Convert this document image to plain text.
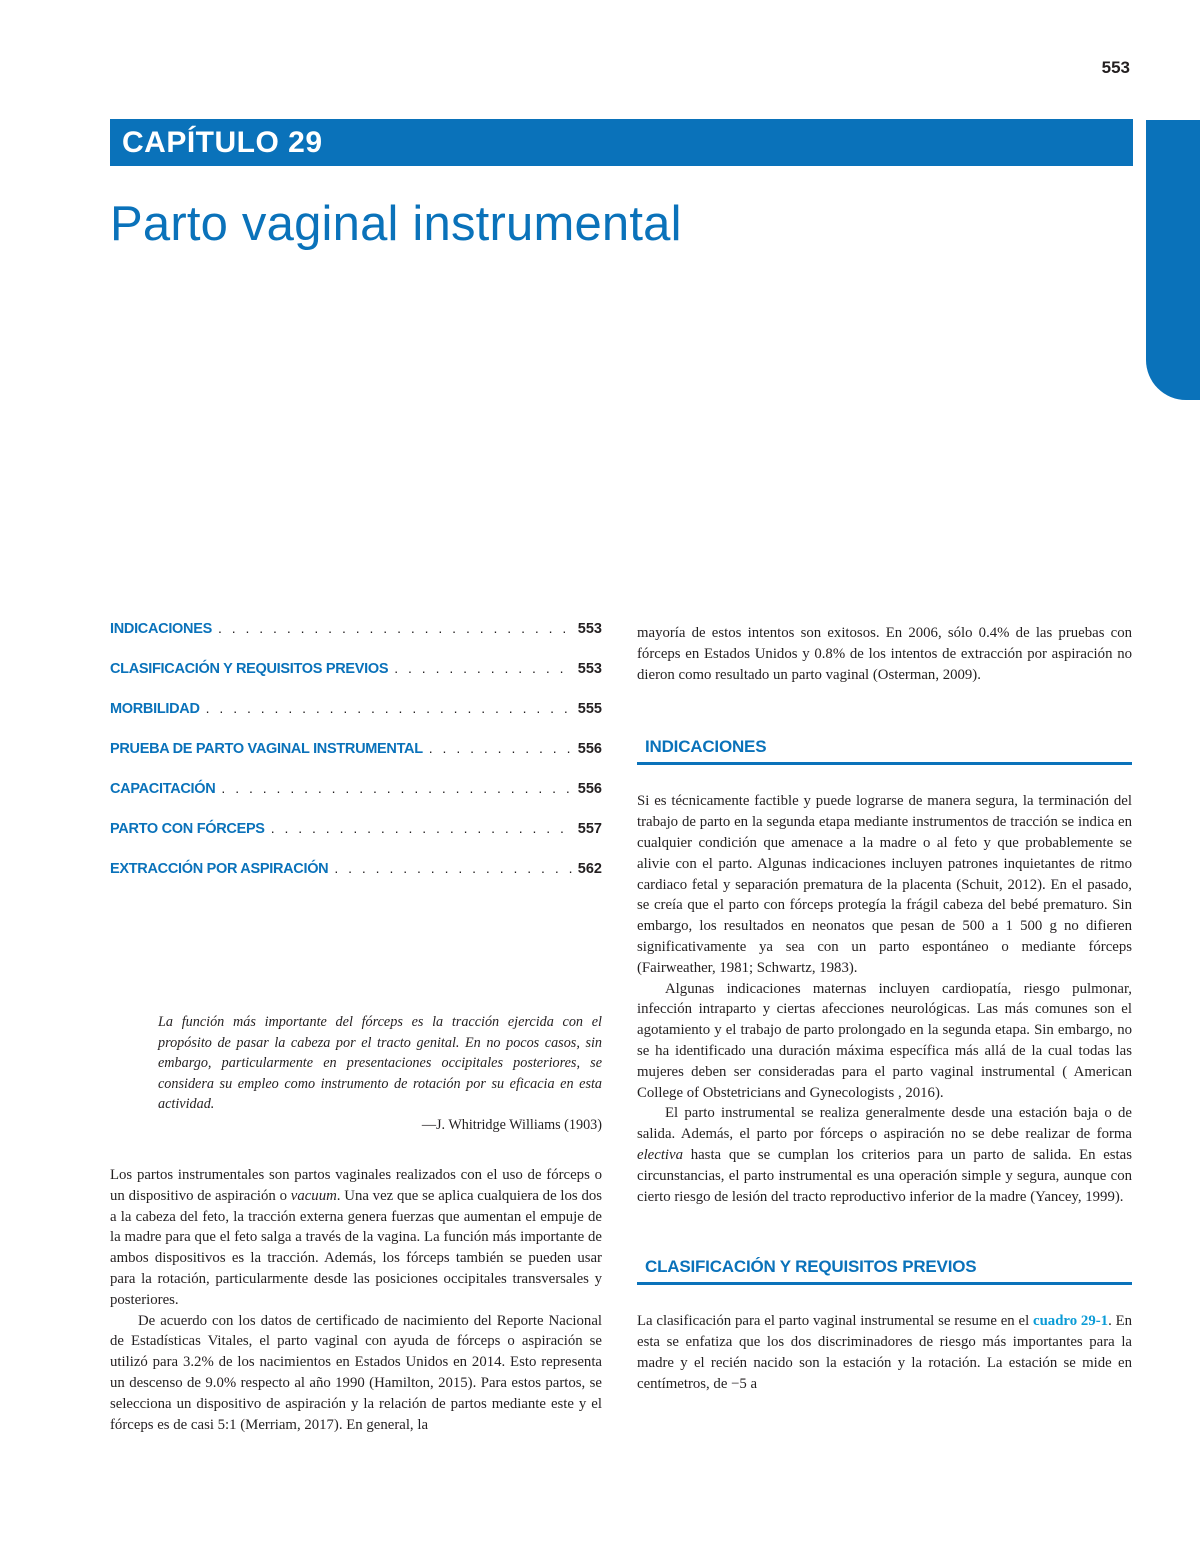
553
CAPÍTULO 29
Parto vaginal instrumental
INDICACIONES . . .	553
CLASIFICACIÓN Y REQUISITOS PREVIOS . . .	553
MORBILIDAD . . .	555
PRUEBA DE PARTO VAGINAL INSTRUMENTAL . . .	556
CAPACITACIÓN . . .	556
PARTO CON FÓRCEPS . . .	557
EXTRACCIÓN POR ASPIRACIÓN . . .	562

La función más importante del fórceps es la tracción ejercida con el propósito de pasar la cabeza por el tracto genital. En no pocos casos, sin embargo, particularmente en presentaciones occipitales posteriores, se considera su empleo como instrumento de rotación por su eficacia en esta actividad.

—J. Whitridge Williams (1903)

Los partos instrumentales son partos vaginales realizados con el uso de fórceps o un dispositivo de aspiración o vacuum. Una vez que se aplica cualquiera de los dos a la cabeza del feto, la tracción externa genera fuerzas que aumentan el empuje de la madre para que el feto salga a través de la vagina. La función más importante de ambos dispositivos es la tracción. Además, los fórceps también se pueden usar para la rotación, particularmente desde las posiciones occipitales transversales y posteriores.

De acuerdo con los datos de certificado de nacimiento del Reporte Nacional de Estadísticas Vitales, el parto vaginal con ayuda de fórceps o aspiración se utilizó para 3.2% de los nacimientos en Estados Unidos en 2014. Esto representa un descenso de 9.0% respecto al año 1990 (Hamilton, 2015). Para estos partos, se selecciona un dispositivo de aspiración y la relación de partos mediante este y el fórceps es de casi 5:1 (Merriam, 2017). En general, la

mayoría de estos intentos son exitosos. En 2006, sólo 0.4% de las pruebas con fórceps en Estados Unidos y 0.8% de los intentos de extracción por aspiración no dieron como resultado un parto vaginal (Osterman, 2009).

INDICACIONES

Si es técnicamente factible y puede lograrse de manera segura, la terminación del trabajo de parto en la segunda etapa mediante instrumentos de tracción se indica en cualquier condición que amenace a la madre o al feto y que probablemente se alivie con el parto. Algunas indicaciones incluyen patrones inquietantes de ritmo cardiaco fetal y separación prematura de la placenta (Schuit, 2012). En el pasado, se creía que el parto con fórceps protegía la frágil cabeza del bebé prematuro. Sin embargo, los resultados en neonatos que pesan de 500 a 1 500 g no difieren significativamente ya sea con un parto espontáneo o mediante fórceps (Fairweather, 1981; Schwartz, 1983).

Algunas indicaciones maternas incluyen cardiopatía, riesgo pulmonar, infección intraparto y ciertas afecciones neurológicas. Las más comunes son el agotamiento y el trabajo de parto prolongado en la segunda etapa. Sin embargo, no se ha identificado una duración máxima específica más allá de la cual todas las mujeres deben ser consideradas para el parto vaginal instrumental ( American College of Obstetricians and Gynecologists , 2016).

El parto instrumental se realiza generalmente desde una estación baja o de salida. Además, el parto por fórceps o aspiración no se debe realizar de forma electiva hasta que se cumplan los criterios para un parto de salida. En estas circunstancias, el parto instrumental es una operación simple y segura, aunque con cierto riesgo de lesión del tracto reproductivo inferior de la madre (Yancey, 1999).

CLASIFICACIÓN Y REQUISITOS PREVIOS

La clasificación para el parto vaginal instrumental se resume en el cuadro 29-1. En esta se enfatiza que los dos discriminadores de riesgo más importantes para la madre y el recién nacido son la estación y la rotación. La estación se mide en centímetros, de −5 a
